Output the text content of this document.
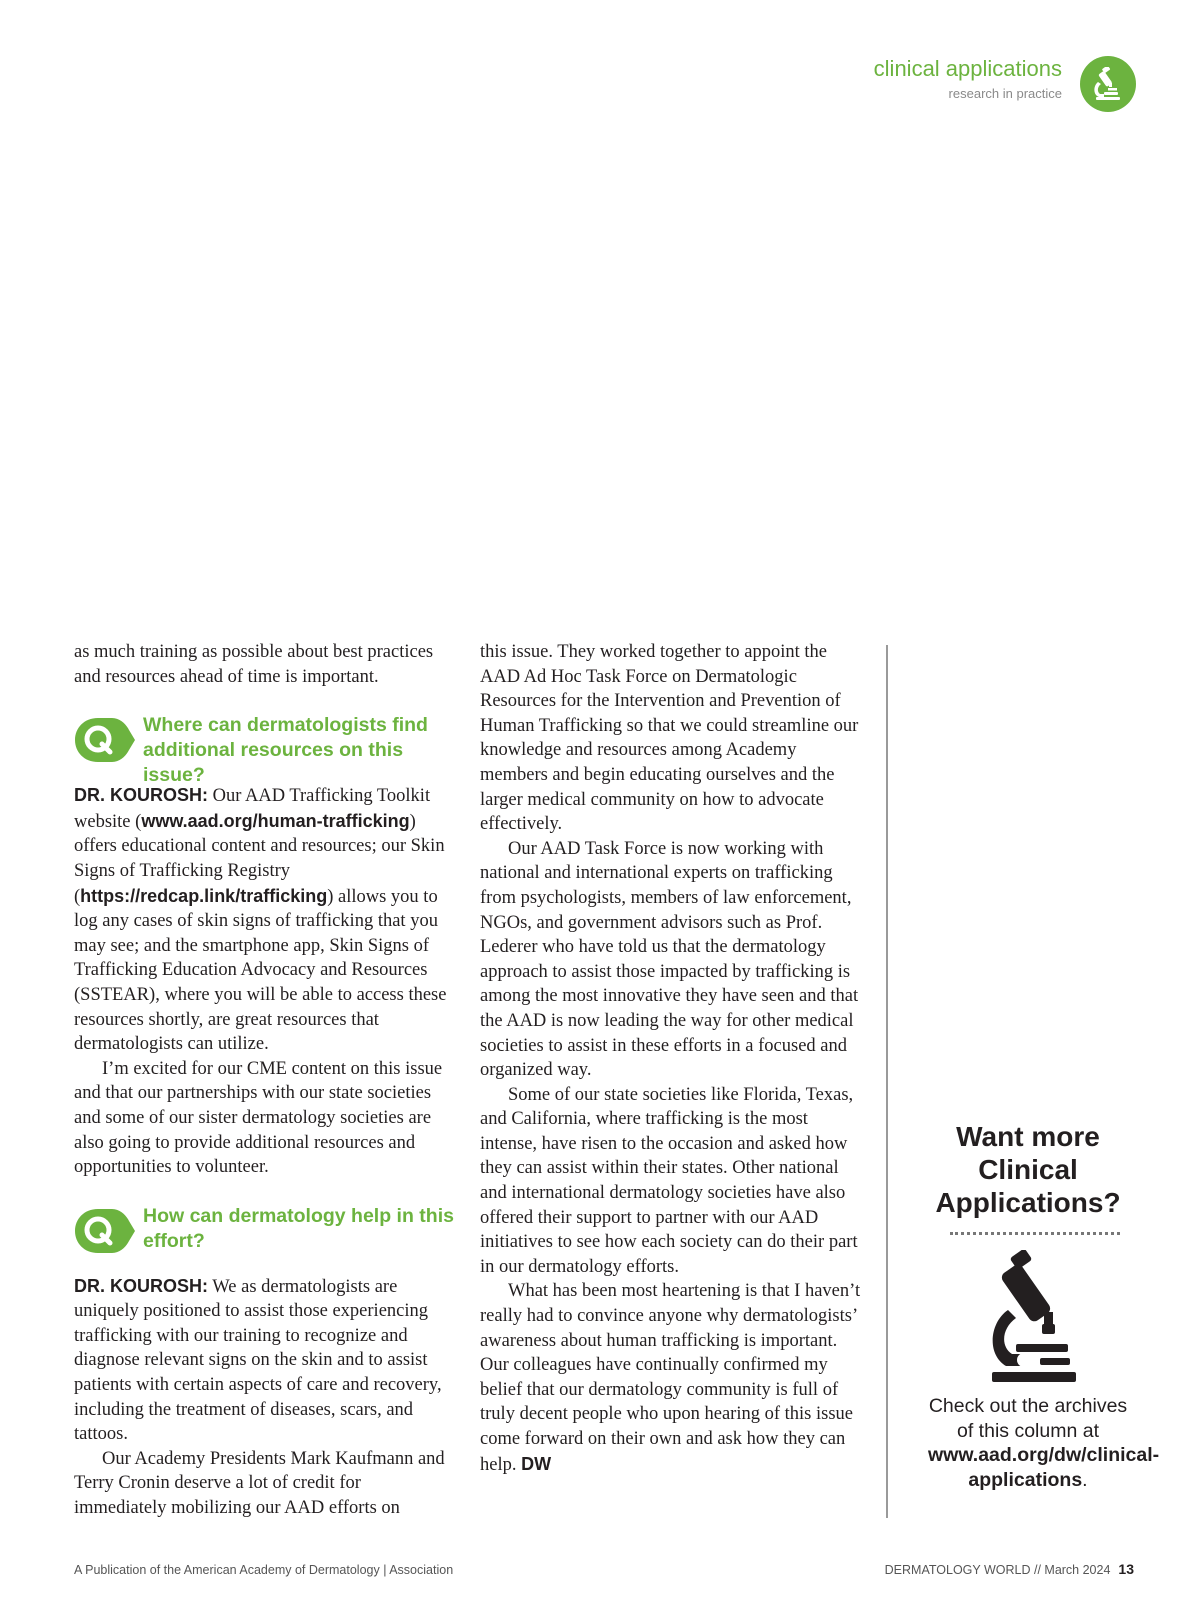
clinical applications
research in practice

as much training as possible about best practices and resources ahead of time is important.

Where can dermatologists find additional resources on this issue?

DR. KOUROSH: Our AAD Trafficking Toolkit website (www.aad.org/human-trafficking) offers educational content and resources; our Skin Signs of Trafficking Registry (https://redcap.link/trafficking) allows you to log any cases of skin signs of trafficking that you may see; and the smartphone app, Skin Signs of Trafficking Education Advocacy and Resources (SSTEAR), where you will be able to access these resources shortly, are great resources that dermatologists can utilize.

I’m excited for our CME content on this issue and that our partnerships with our state societies and some of our sister dermatology societies are also going to provide additional resources and opportunities to volunteer.

How can dermatology help in this effort?

DR. KOUROSH: We as dermatologists are uniquely positioned to assist those experiencing trafficking with our training to recognize and diagnose relevant signs on the skin and to assist patients with certain aspects of care and recovery, including the treatment of diseases, scars, and tattoos.

Our Academy Presidents Mark Kaufmann and Terry Cronin deserve a lot of credit for immediately mobilizing our AAD efforts on

this issue. They worked together to appoint the AAD Ad Hoc Task Force on Dermatologic Resources for the Intervention and Prevention of Human Trafficking so that we could streamline our knowledge and resources among Academy members and begin educating ourselves and the larger medical community on how to advocate effectively.

Our AAD Task Force is now working with national and international experts on trafficking from psychologists, members of law enforcement, NGOs, and government advisors such as Prof. Lederer who have told us that the dermatology approach to assist those impacted by trafficking is among the most innovative they have seen and that the AAD is now leading the way for other medical societies to assist in these efforts in a focused and organized way.

Some of our state societies like Florida, Texas, and California, where trafficking is the most intense, have risen to the occasion and asked how they can assist within their states. Other national and international dermatology societies have also offered their support to partner with our AAD initiatives to see how each society can do their part in our dermatology efforts.

What has been most heartening is that I haven’t really had to convince anyone why dermatologists’ awareness about human trafficking is important. Our colleagues have continually confirmed my belief that our dermatology community is full of truly decent people who upon hearing of this issue come forward on their own and ask how they can help. DW

Want more Clinical Applications?
Check out the archives of this column at www.aad.org/dw/clinical-applications.
A Publication of the American Academy of Dermatology | Association	DERMATOLOGY WORLD // March 2024 13
